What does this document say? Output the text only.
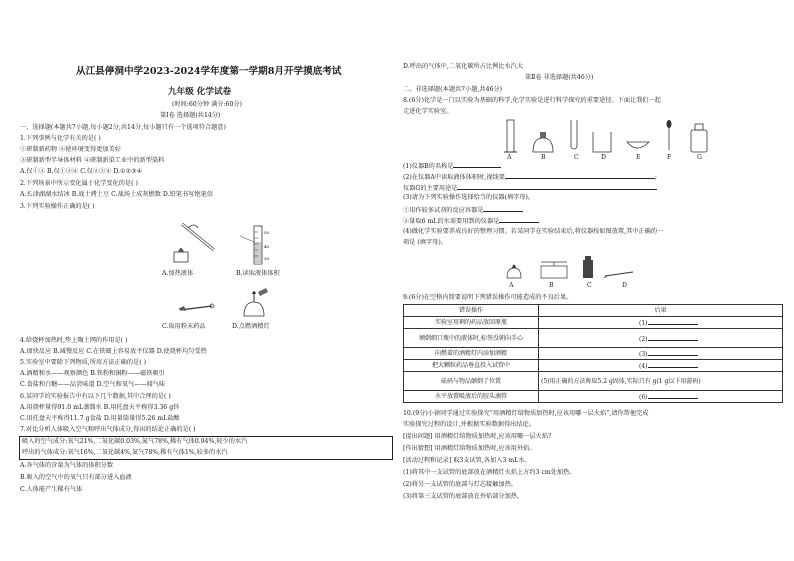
从江县停洞中学2023-2024学年度第一学期8月开学摸底考试
九年级 化学试卷
(时间:60分钟 满分:60分)
第Ⅰ卷 选择题(共14分)
一、选择题(本题共7小题,每小题2分,共14分,每小题只有一个选项符合题意)
1.下列事例与化学有关的是( )
①研制新药物 ②使环境变得更加美好
③研制新型半导体材料 ④研制新染工业中的新型染料
A.仅①③ B.仅①③④ C.仅②③④ D.①②③④
2.下列场景中所示变化属于化学变化的是( )
A.长津湖湖水结冰 B.战士烤土豆 C.战场土成灰燃数 D.铅笔书写绝笔信
3.下列实验操作正确的是( )
50
40
30
A.加热液体	B.读取液体体积
C.取用粉末药品	D.点燃酒精灯
4.给烧杯加热时,垫上陶土网的作用是( )
A.加快反应 B.减慢反应 C.在铁圈上容易放平仪器 D.使烧杯均匀受热
5.实验室中要除下列物质,所用方法正确的是( )
A.酒精和水——观察颜色 B.铁粉和铜粉——磁铁吸引
C.食盐和白糖——品尝味道 D.空气和氧气——闻气味
6.某同学的实验报告中有以下几个数据,其中合理的是( )
A.用烧杯量得91.0 mL蒸馏水 B.用托盘天平称得3.36 g锌
C.用托盘天平称得11.7 g食盐 D.用量筒量得5.26 mL盐酸
7.对比分析人体吸入空气和呼出气体成分,得出的结论正确的是( )
吸入的空气成分:氧气21%,二氧化碳0.03%,氮气78%,稀有气体0.94%,较少的水汽
呼出的气体成分:氧气16%,二氧化碳4%,氮气78%,稀有气体1%,较多的水汽
A.各气体的含量为气体的体积分数
B.吸入的空气中的氧气只有部分进入血液
C.人体能产生稀有气体
D.呼出的气体中,二氧化碳所占比例比水汽大
第Ⅱ卷 非选择题(共46分)
二、非选择题(本题共7小题,共46分)
8.(6分)化学是一门以实验为基础的科学,化学实验是进行科学探究的重要途径。下面让我们一起
走进化学实验室。
A	B	C	D	E	F	G
(1)仪器B的名称是
(2)在仪器A中读取液体体积时,视线要	;
仪器G的主要用途是
(3)请为下列实验操作选择恰当的仪器(填字母)。
①用作较多试剂的反应容器是
②量取6 mL的水需要用到的仪器是
(4)做化学实验要养成良好的整理习惯。若某同学在实验结束后,将仪器按如图放置,其中正确的一
项是 (填字母)。
A	B	C	D
9.(6分)在空格内简要说明下列错误操作可能造成的不良后果。
错误操作	后果
实验室用剩的药品放回原瓶	(1)
倾倒细口瓶中的液体时,标签没朝向手心	(2)
向燃着的酒精灯内添加酒精	(3)
把大颗粒药品垂直投入试管中	(4)
砝码与物品颠倒了位置	(5)用正确的方法称取5.2 g固体,实际只有 g(1 g以下用游码)
水平放置吸液后的胶头滴管	(6)
10.(9分)小徐同学通过实验探究“用酒精灯给物质加热时,应该用哪一层火焰”,请你帮他完成
实验探究过程的设计,并根据实验数据得出结论。
[提出问题] 用酒精灯给物质加热时,应该用哪一层火焰?
[作出猜想] 用酒精灯给物质加热时,应该用外焰。
[活动过程和记录] 取3支试管,各加入3 mL水。
(1)将其中一支试管的底部放在酒精灯火焰上方约3 cm处加热。
(2)将另一支试管的底部与灯芯接触加热。
(3)将第三支试管的底部放在外焰部分加热。
